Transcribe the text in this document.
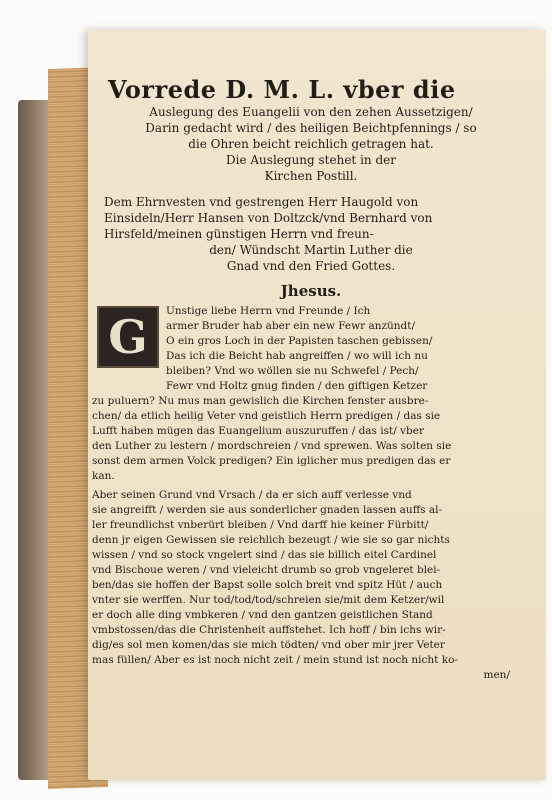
Vorrede D. M. L. vber die

Auslegung des Euangelii von den zehen Aussetzigen/

Darin gedacht wird / des heiligen Beichtpfennings / so

die Ohren beicht reichlich getragen hat.

Die Auslegung stehet in der

Kirchen Postill.

Dem Ehrnvesten vnd gestrengen Herr Haugold von

Einsideln/Herr Hansen von Doltzck/vnd Bernhard von

Hirsfeld/meinen günstigen Herrn vnd freun-

den/ Wündscht Martin Luther die

Gnad vnd den Fried Gottes.

Jhesus.
G	Unstige liebe Herrn vnd Freunde / Ich

armer Bruder hab aber ein new Fewr anzündt/

O ein gros Loch in der Papisten taschen gebissen/

Das ich die Beicht hab angreiffen / wo will ich nu

bleiben? Vnd wo wöllen sie nu Schwefel / Pech/

Fewr vnd Holtz gnug finden / den giftigen Ketzer

zu puluern? Nu mus man gewislich die Kirchen fenster ausbre-

chen/ da etlich heilig Veter vnd geistlich Herrn predigen / das sie

Lufft haben mügen das Euangelium auszuruffen / das ist/ vber

den Luther zu lestern / mordschreien / vnd sprewen. Was solten sie

sonst dem armen Volck predigen? Ein iglicher mus predigen das er

kan.

Aber seinen Grund vnd Vrsach / da er sich auff verlesse vnd

sie angreifft / werden sie aus sonderlicher gnaden lassen auffs al-

ler freundlichst vnberürt bleiben / Vnd darff hie keiner Fürbitt/

denn jr eigen Gewissen sie reichlich bezeugt / wie sie so gar nichts

wissen / vnd so stock vngelert sind / das sie billich eitel Cardinel

vnd Bischoue weren / vnd vieleicht drumb so grob vngeleret blei-

ben/das sie hoffen der Bapst solle solch breit vnd spitz Hüt / auch

vnter sie werffen. Nur tod/tod/tod/schreien sie/mit dem Ketzer/wil

er doch alle ding vmbkeren / vnd den gantzen geistlichen Stand

vmbstossen/das die Christenheit auffstehet. Ich hoff / bin ichs wir-

dig/es sol men komen/das sie mich tödten/ vnd ober mir jrer Veter

mas füllen/ Aber es ist noch nicht zeit / mein stund ist noch nicht ko-

men/
